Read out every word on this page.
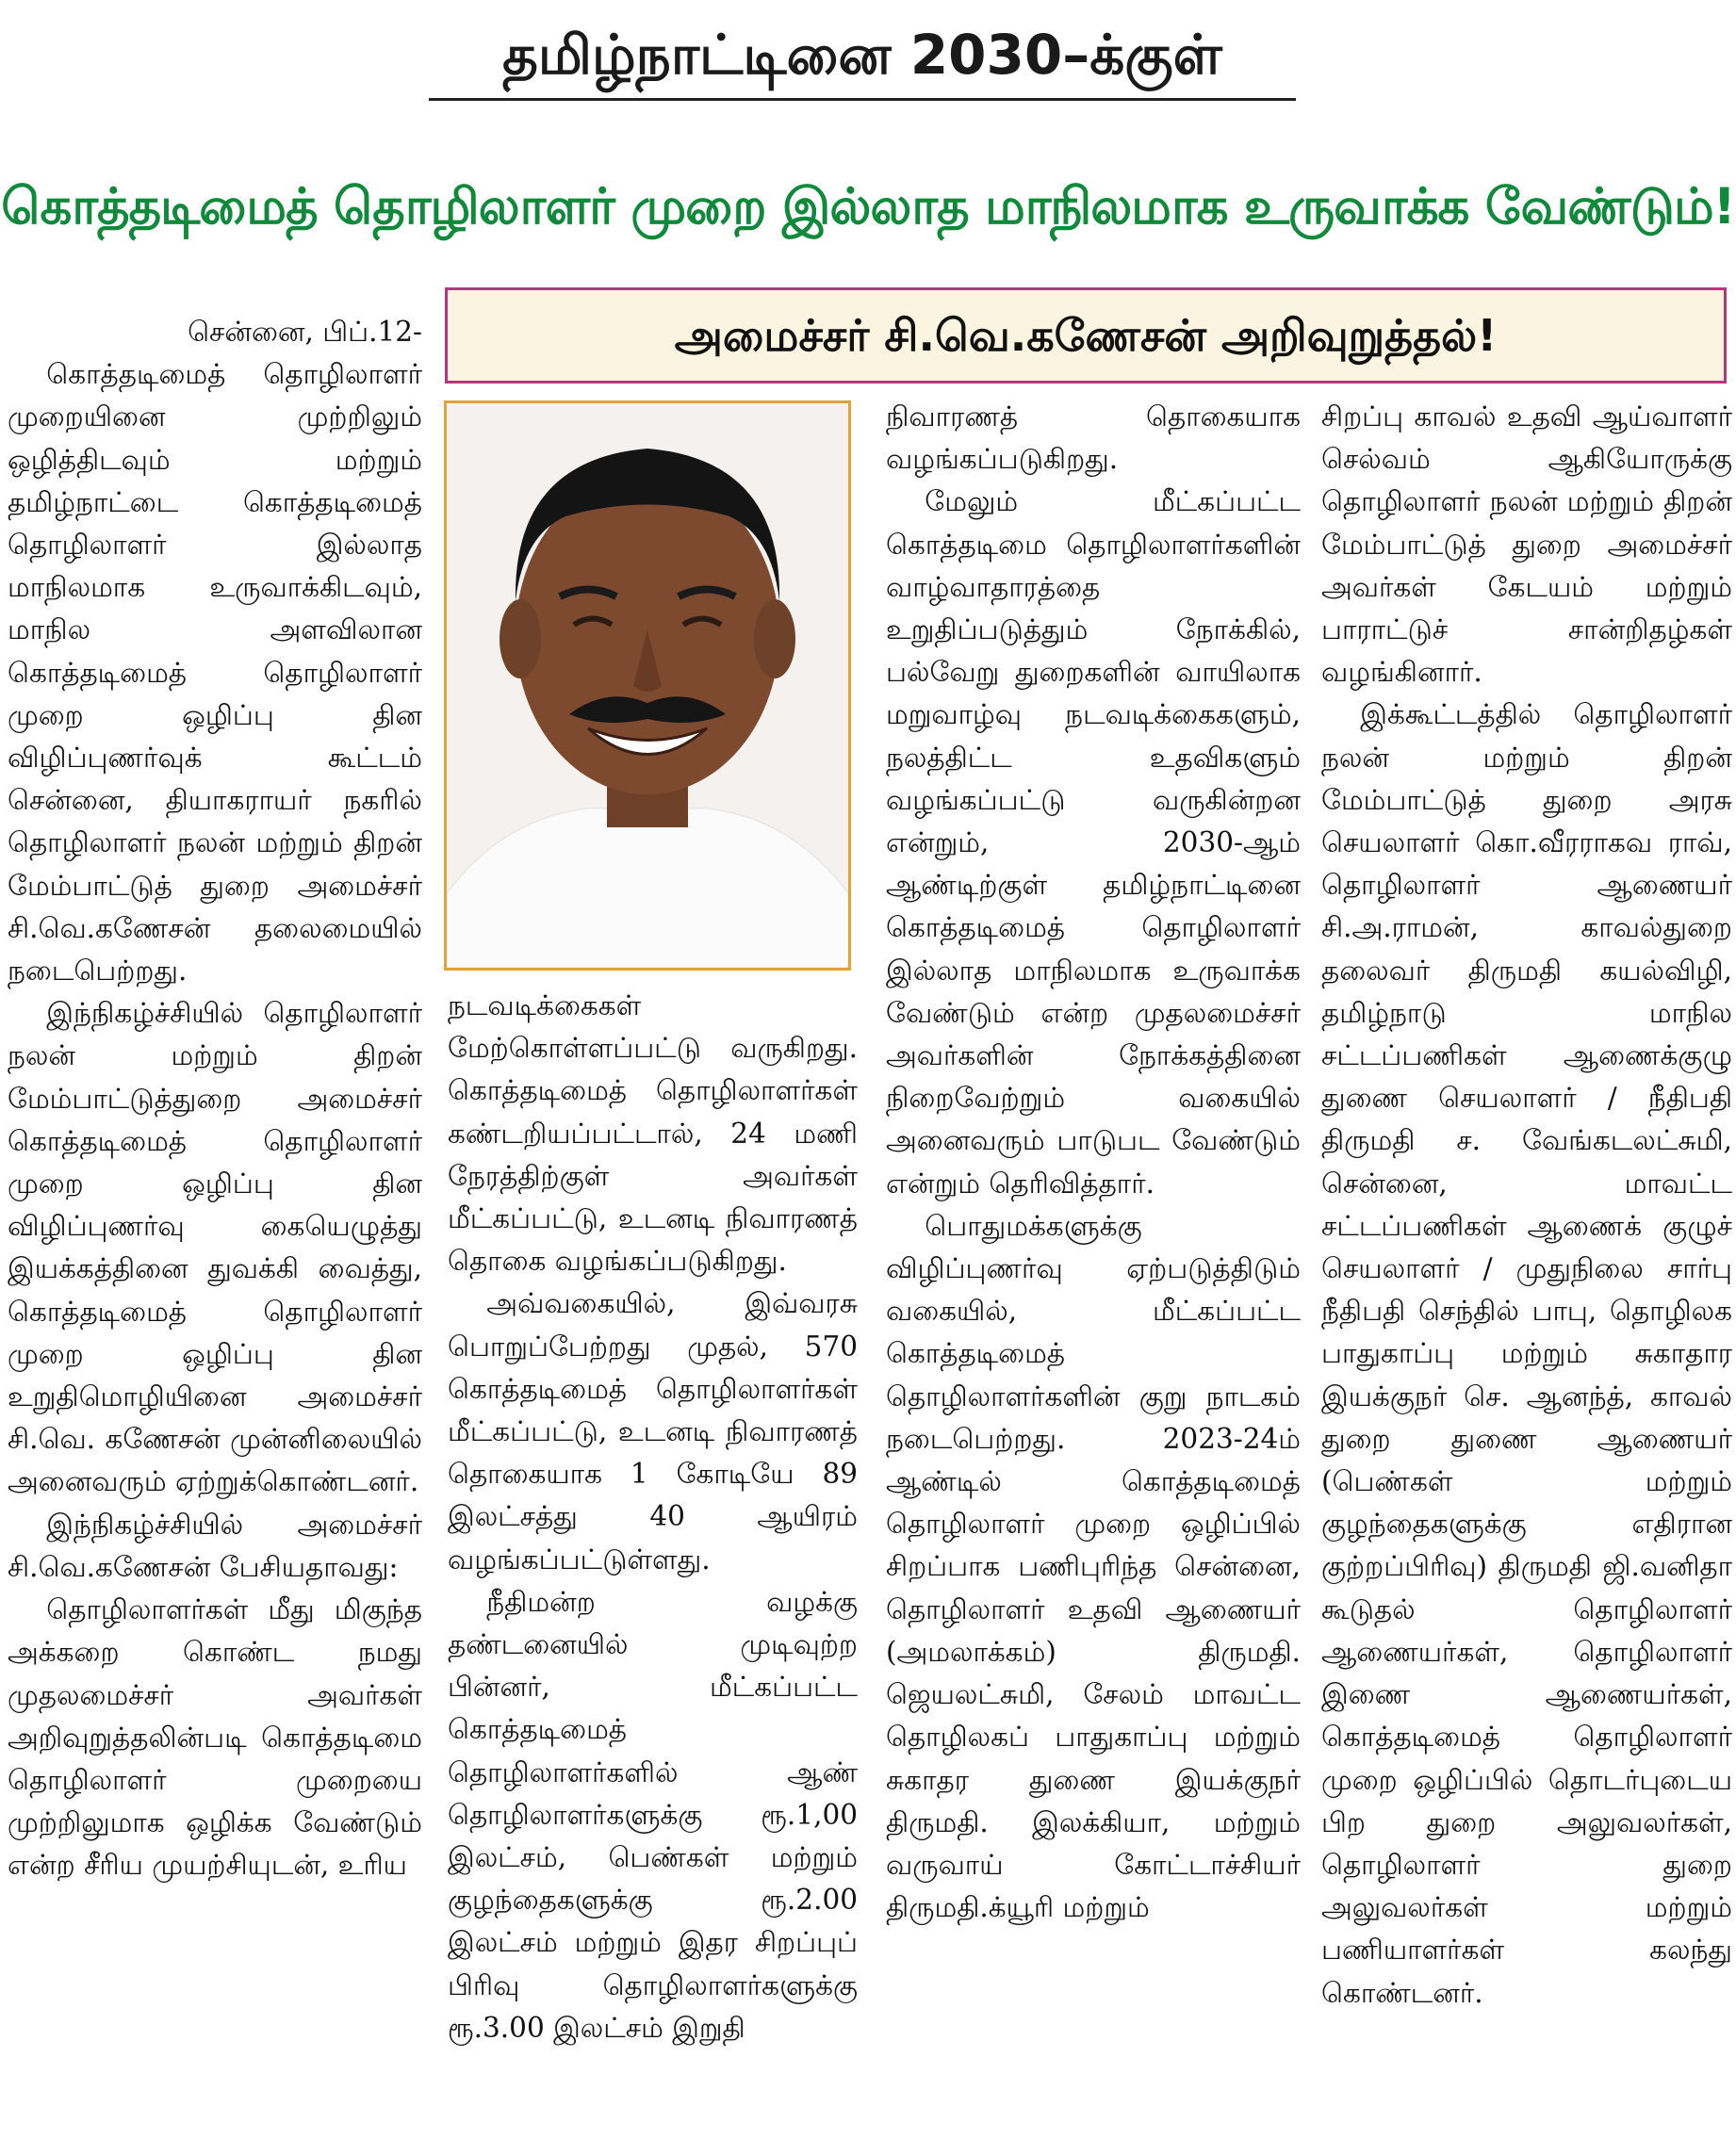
தமிழ்நாட்டினை 2030–க்குள்
கொத்தடிமைத் தொழிலாளர் முறை இல்லாத மாநிலமாக உருவாக்க வேண்டும்!
அமைச்சர் சி.வெ.கணேசன் அறிவுறுத்தல்!

சென்னை, பிப்.12-

கொத்தடிமைத் தொழிலாளர் முறையினை முற்றிலும் ஒழித்திடவும் மற்றும் தமிழ்நாட்டை கொத்தடிமைத் தொழிலாளர் இல்லாத மாநிலமாக உருவாக்கிடவும், மாநில அளவிலான கொத்தடிமைத் தொழிலாளர் முறை ஒழிப்பு தின விழிப்புணர்வுக் கூட்டம் சென்னை, தியாகராயர் நகரில் தொழிலாளர் நலன் மற்றும் திறன் மேம்பாட்டுத் துறை அமைச்சர் சி.வெ.கணேசன் தலைமையில் நடைபெற்றது.

இந்நிகழ்ச்சியில் தொழிலாளர் நலன் மற்றும் திறன் மேம்பாட்டுத்துறை அமைச்சர் கொத்தடிமைத் தொழிலாளர் முறை ஒழிப்பு தின விழிப்புணர்வு கையெழுத்து இயக்கத்தினை துவக்கி வைத்து, கொத்தடிமைத் தொழிலாளர் முறை ஒழிப்பு தின உறுதிமொழியினை அமைச்சர் சி.வெ. கணேசன் முன்னிலையில் அனைவரும் ஏற்றுக்கொண்டனர்.

இந்நிகழ்ச்சியில் அமைச்சர் சி.வெ.கணேசன் பேசியதாவது:

தொழிலாளர்கள் மீது மிகுந்த அக்கறை கொண்ட நமது முதலமைச்சர் அவர்கள் அறிவுறுத்தலின்படி கொத்தடிமை தொழிலாளர் முறையை முற்றிலுமாக ஒழிக்க வேண்டும் என்ற சீரிய முயற்சியுடன், உரிய

நடவடிக்கைகள் மேற்கொள்ளப்பட்டு வருகிறது. கொத்தடிமைத் தொழிலாளர்கள் கண்டறியப்பட்டால், 24 மணி நேரத்திற்குள் அவர்கள் மீட்கப்பட்டு, உடனடி நிவாரணத் தொகை வழங்கப்படுகிறது.

அவ்வகையில், இவ்வரசு பொறுப்பேற்றது முதல், 570 கொத்தடிமைத் தொழிலாளர்கள் மீட்கப்பட்டு, உடனடி நிவாரணத் தொகையாக 1 கோடியே 89 இலட்சத்து 40 ஆயிரம் வழங்கப்பட்டுள்ளது.

நீதிமன்ற வழக்கு தண்டனையில் முடிவுற்ற பின்னர், மீட்கப்பட்ட கொத்தடிமைத் தொழிலாளர்களில் ஆண் தொழிலாளர்களுக்கு ரூ.1,00 இலட்சம், பெண்கள் மற்றும் குழந்தைகளுக்கு ரூ.2.00 இலட்சம் மற்றும் இதர சிறப்புப் பிரிவு தொழிலாளர்களுக்கு ரூ.3.00 இலட்சம் இறுதி

நிவாரணத் தொகையாக வழங்கப்படுகிறது.

மேலும் மீட்கப்பட்ட கொத்தடிமை தொழிலாளர்களின் வாழ்வாதாரத்தை உறுதிப்படுத்தும் நோக்கில், பல்வேறு துறைகளின் வாயிலாக மறுவாழ்வு நடவடிக்கைகளும், நலத்திட்ட உதவிகளும் வழங்கப்பட்டு வருகின்றன என்றும், 2030-ஆம் ஆண்டிற்குள் தமிழ்நாட்டினை கொத்தடிமைத் தொழிலாளர் இல்லாத மாநிலமாக உருவாக்க வேண்டும் என்ற முதலமைச்சர் அவர்களின் நோக்கத்தினை நிறைவேற்றும் வகையில் அனைவரும் பாடுபட வேண்டும் என்றும் தெரிவித்தார்.

பொதுமக்களுக்கு விழிப்புணர்வு ஏற்படுத்திடும் வகையில், மீட்கப்பட்ட கொத்தடிமைத் தொழிலாளர்களின் குறு நாடகம் நடைபெற்றது. 2023-24ம் ஆண்டில் கொத்தடிமைத் தொழிலாளர் முறை ஒழிப்பில் சிறப்பாக பணிபுரிந்த சென்னை, தொழிலாளர் உதவி ஆணையர் (அமலாக்கம்) திருமதி. ஜெயலட்சுமி, சேலம் மாவட்ட தொழிலகப் பாதுகாப்பு மற்றும் சுகாதர துணை இயக்குநர் திருமதி. இலக்கியா, மற்றும் வருவாய் கோட்டாச்சியர் திருமதி.க்யூரி மற்றும்

சிறப்பு காவல் உதவி ஆய்வாளர் செல்வம் ஆகியோருக்கு தொழிலாளர் நலன் மற்றும் திறன் மேம்பாட்டுத் துறை அமைச்சர் அவர்கள் கேடயம் மற்றும் பாராட்டுச் சான்றிதழ்கள் வழங்கினார்.

இக்கூட்டத்தில் தொழிலாளர் நலன் மற்றும் திறன் மேம்பாட்டுத் துறை அரசு செயலாளர் கொ.வீரராகவ ராவ், தொழிலாளர் ஆணையர் சி.அ.ராமன், காவல்துறை தலைவர் திருமதி கயல்விழி, தமிழ்நாடு மாநில சட்டப்பணிகள் ஆணைக்குழு துணை செயலாளர் / நீதிபதி திருமதி ச. வேங்கடலட்சுமி, சென்னை, மாவட்ட சட்டப்பணிகள் ஆணைக் குழுச் செயலாளர் / முதுநிலை சார்பு நீதிபதி செந்தில் பாபு, தொழிலக பாதுகாப்பு மற்றும் சுகாதார இயக்குநர் செ. ஆனந்த், காவல் துறை துணை ஆணையர் (பெண்கள் மற்றும் குழந்தைகளுக்கு எதிரான குற்றப்பிரிவு) திருமதி ஜி.வனிதா கூடுதல் தொழிலாளர் ஆணையர்கள், தொழிலாளர் இணை ஆணையர்கள், கொத்தடிமைத் தொழிலாளர் முறை ஒழிப்பில் தொடர்புடைய பிற துறை அலுவலர்கள், தொழிலாளர் துறை அலுவலர்கள் மற்றும் பணியாளர்கள் கலந்து கொண்டனர்.
